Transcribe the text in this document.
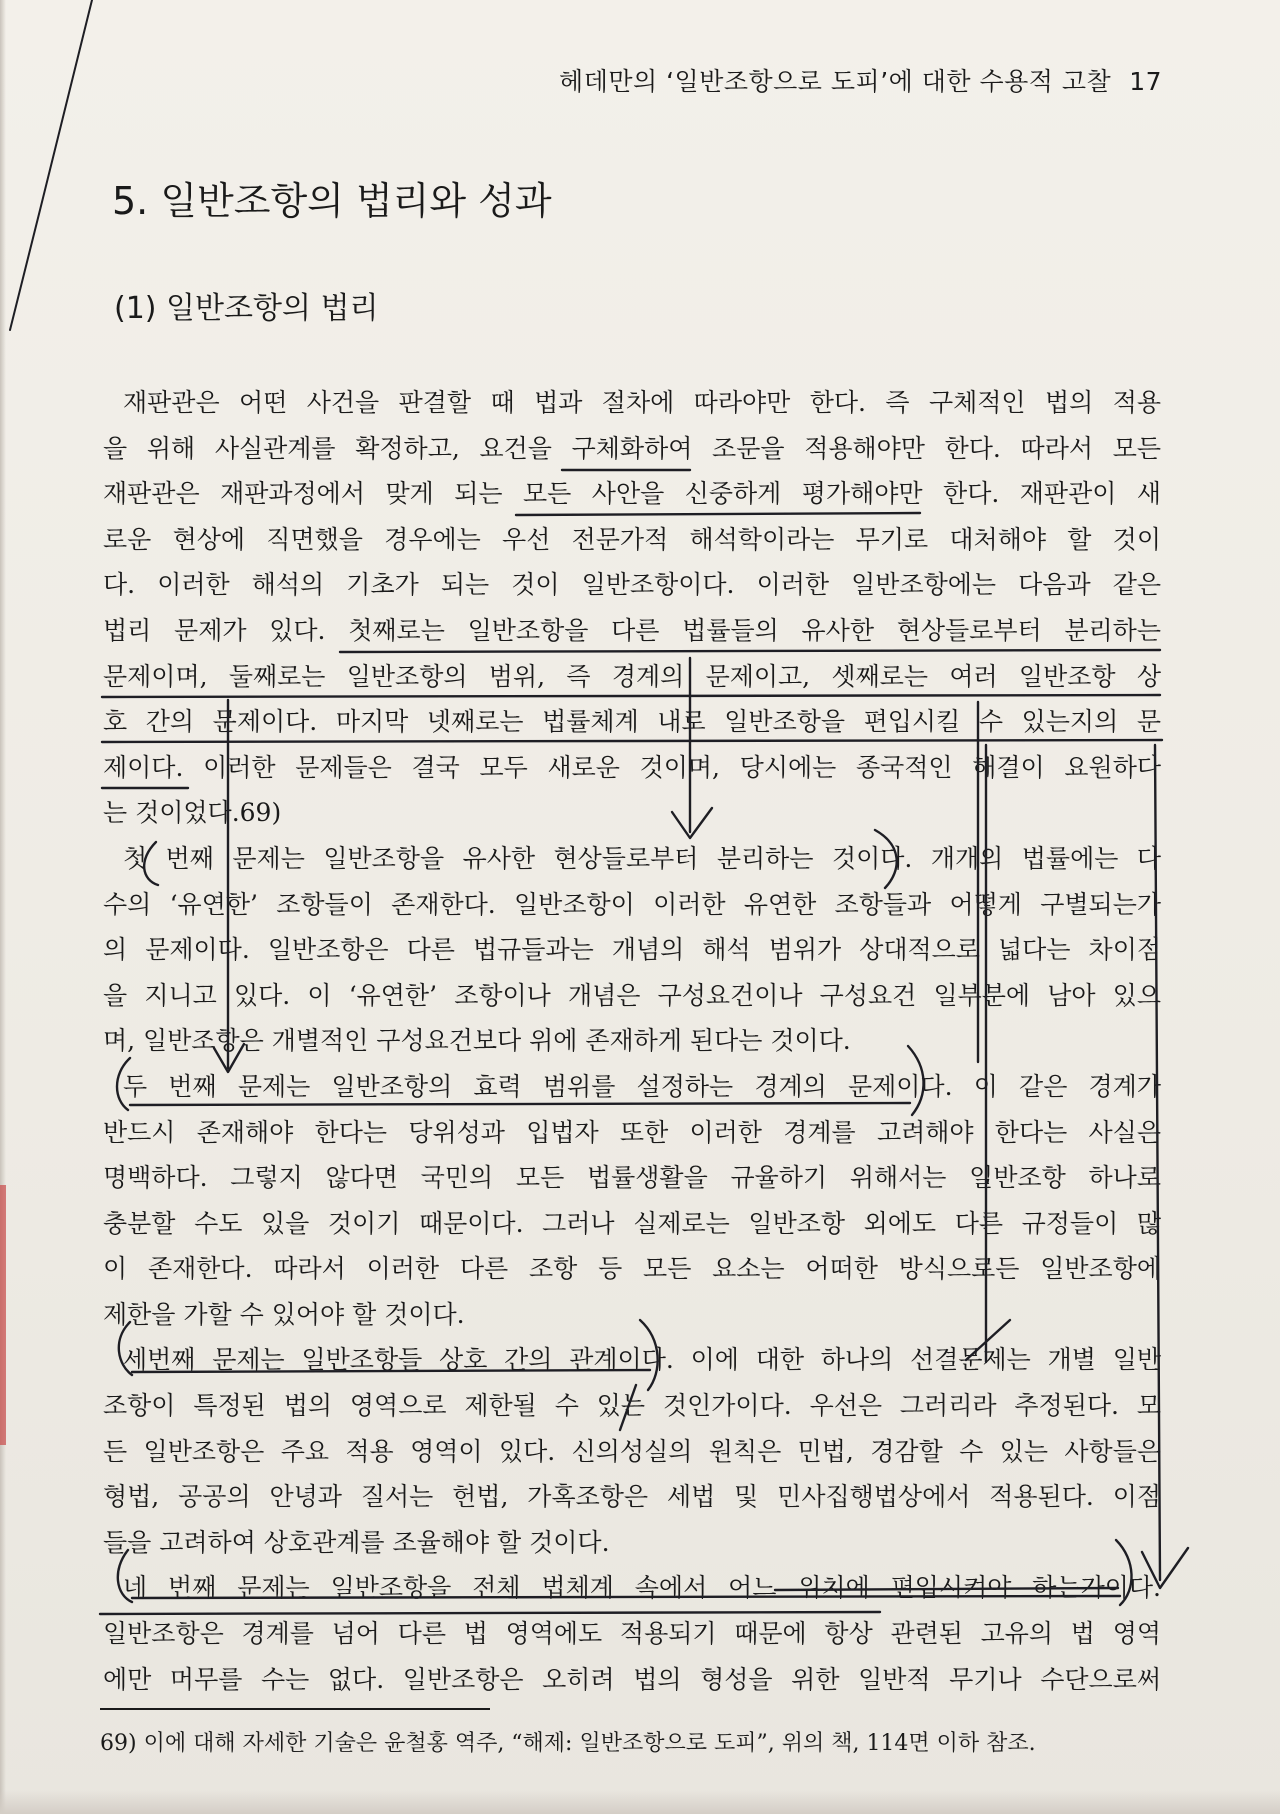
헤데만의 ‘일반조항으로 도피’에 대한 수용적 고찰 17
5. 일반조항의 법리와 성과
(1) 일반조항의 법리
재판관은 어떤 사건을 판결할 때 법과 절차에 따라야만 한다. 즉 구체적인 법의 적용
을 위해 사실관계를 확정하고, 요건을 구체화하여 조문을 적용해야만 한다. 따라서 모든
재판관은 재판과정에서 맞게 되는 모든 사안을 신중하게 평가해야만 한다. 재판관이 새
로운 현상에 직면했을 경우에는 우선 전문가적 해석학이라는 무기로 대처해야 할 것이
다. 이러한 해석의 기초가 되는 것이 일반조항이다. 이러한 일반조항에는 다음과 같은
법리 문제가 있다. 첫째로는 일반조항을 다른 법률들의 유사한 현상들로부터 분리하는
문제이며, 둘째로는 일반조항의 범위, 즉 경계의 문제이고, 셋째로는 여러 일반조항 상
호 간의 문제이다. 마지막 넷째로는 법률체계 내로 일반조항을 편입시킬 수 있는지의 문
제이다. 이러한 문제들은 결국 모두 새로운 것이며, 당시에는 종국적인 해결이 요원하다
는 것이었다.69)
첫 번째 문제는 일반조항을 유사한 현상들로부터 분리하는 것이다. 개개의 법률에는 다
수의 ‘유연한’ 조항들이 존재한다. 일반조항이 이러한 유연한 조항들과 어떻게 구별되는가
의 문제이다. 일반조항은 다른 법규들과는 개념의 해석 범위가 상대적으로 넓다는 차이점
을 지니고 있다. 이 ‘유연한’ 조항이나 개념은 구성요건이나 구성요건 일부분에 남아 있으
며, 일반조항은 개별적인 구성요건보다 위에 존재하게 된다는 것이다.
두 번째 문제는 일반조항의 효력 범위를 설정하는 경계의 문제이다. 이 같은 경계가
반드시 존재해야 한다는 당위성과 입법자 또한 이러한 경계를 고려해야 한다는 사실은
명백하다. 그렇지 않다면 국민의 모든 법률생활을 규율하기 위해서는 일반조항 하나로
충분할 수도 있을 것이기 때문이다. 그러나 실제로는 일반조항 외에도 다른 규정들이 많
이 존재한다. 따라서 이러한 다른 조항 등 모든 요소는 어떠한 방식으로든 일반조항에
제한을 가할 수 있어야 할 것이다.
세번째 문제는 일반조항들 상호 간의 관계이다. 이에 대한 하나의 선결문제는 개별 일반
조항이 특정된 법의 영역으로 제한될 수 있는 것인가이다. 우선은 그러리라 추정된다. 모
든 일반조항은 주요 적용 영역이 있다. 신의성실의 원칙은 민법, 경감할 수 있는 사항들은
형법, 공공의 안녕과 질서는 헌법, 가혹조항은 세법 및 민사집행법상에서 적용된다. 이점
들을 고려하여 상호관계를 조율해야 할 것이다.
네 번째 문제는 일반조항을 전체 법체계 속에서 어느 위치에 편입시켜야 하는가이다.
일반조항은 경계를 넘어 다른 법 영역에도 적용되기 때문에 항상 관련된 고유의 법 영역
에만 머무를 수는 없다. 일반조항은 오히려 법의 형성을 위한 일반적 무기나 수단으로써
69) 이에 대해 자세한 기술은 윤철홍 역주, “해제: 일반조항으로 도피”, 위의 책, 114면 이하 참조.
